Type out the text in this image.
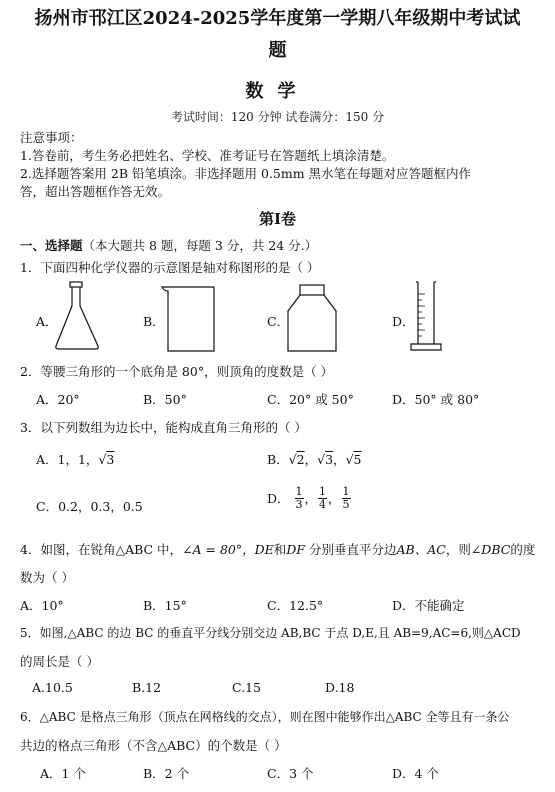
扬州市邗江区2024-2025学年度第一学期八年级期中考试试
题
数学
考试时间：120 分钟 试卷满分：150 分
注意事项：
1.答卷前，考生务必把姓名、学校、准考证号在答题纸上填涂清楚。
2.选择题答案用 2B 铅笔填涂。非选择题用 0.5mm 黑水笔在每题对应答题框内作
答，超出答题框作答无效。
第Ⅰ卷
一、选择题（本大题共 8 题，每题 3 分，共 24 分.）
1．下面四种化学仪器的示意图是轴对称图形的是（ ）
A．	B．	C．	D．
2．等腰三角形的一个底角是 80°，则顶角的度数是（ ）
A．20°	B．50°	C．20° 或 50°	D．50° 或 80°
3．以下列数组为边长中，能构成直角三角形的（ ）
A．1，1，√3	B．√2，√3，√5
C．0.2，0.3，0.5
D． $\frac{1}{3}$ ， $\frac{1}{4}$ ， $\frac{1}{5}$
4．如图，在锐角△ABC 中，∠A = 80°，DE和DF 分别垂直平分边AB、AC，则∠DBC的度
数为（ ）
A．10°	B．15°	C．12.5°	D．不能确定
5．如图,△ABC 的边 BC 的垂直平分线分别交边 AB,BC 于点 D,E,且 AB=9,AC=6,则△ACD
的周长是（ ）
A.10.5	B.12	C.15	D.18
6．△ABC 是格点三角形（顶点在网格线的交点），则在图中能够作出△ABC 全等且有一条公
共边的格点三角形（不含△ABC）的个数是（ ）
A．1 个	B．2 个	C．3 个	D．4 个
